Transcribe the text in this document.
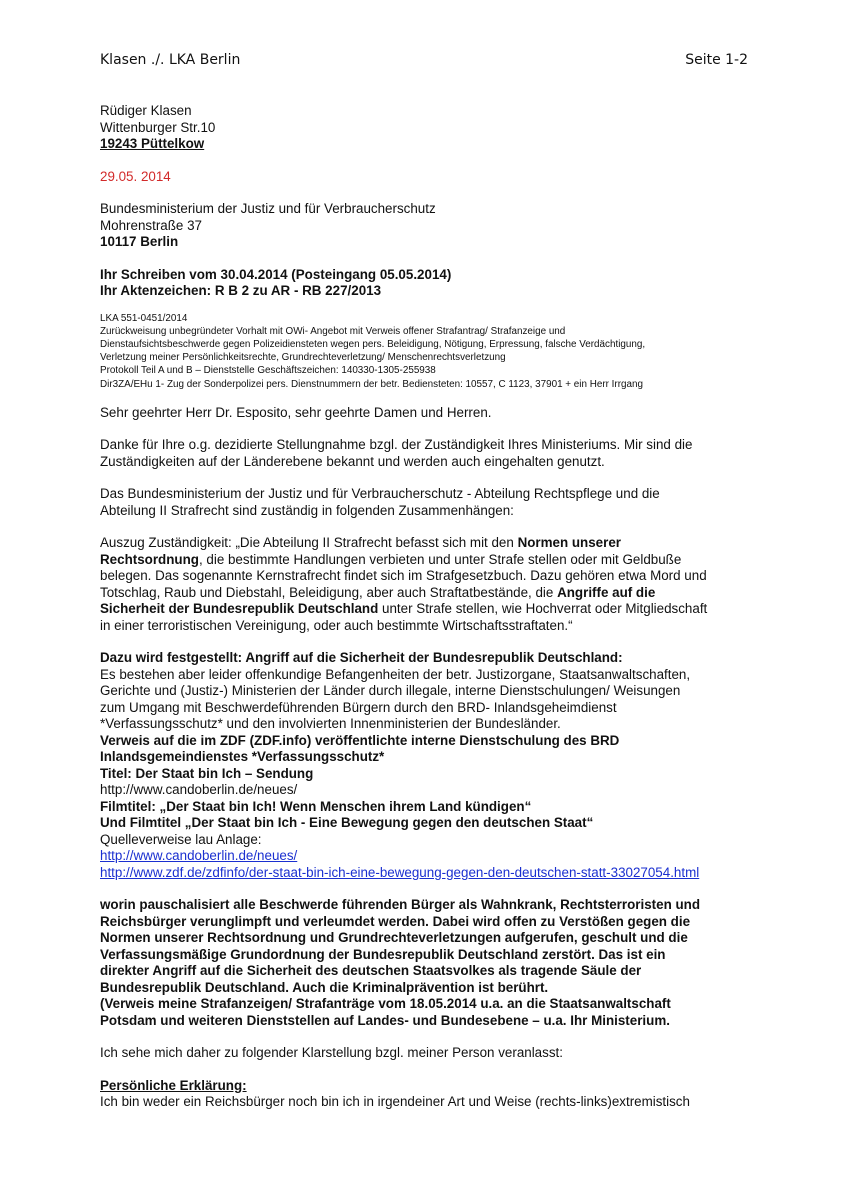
Klasen ./. LKA Berlin	Seite 1-2
Rüdiger Klasen
Wittenburger Str.10
19243 Püttelkow
29.05. 2014
Bundesministerium der Justiz und für Verbraucherschutz
Mohrenstraße 37
10117 Berlin
Ihr Schreiben vom 30.04.2014 (Posteingang 05.05.2014)
Ihr Aktenzeichen: R B 2 zu AR - RB 227/2013
LKA 551-0451/2014
Zurückweisung unbegründeter Vorhalt mit OWi- Angebot mit Verweis offener Strafantrag/ Strafanzeige und
Dienstaufsichtsbeschwerde gegen Polizeidiensteten wegen pers. Beleidigung, Nötigung, Erpressung, falsche Verdächtigung,
Verletzung meiner Persönlichkeitsrechte, Grundrechteverletzung/ Menschenrechtsverletzung
Protokoll Teil A und B – Dienststelle Geschäftszeichen: 140330-1305-255938
Dir3ZA/EHu 1- Zug der Sonderpolizei pers. Dienstnummern der betr. Bediensteten: 10557, C 1123, 37901 + ein Herr Irrgang
Sehr geehrter Herr Dr. Esposito, sehr geehrte Damen und Herren.
Danke für Ihre o.g. dezidierte Stellungnahme bzgl. der Zuständigkeit Ihres Ministeriums. Mir sind die
Zuständigkeiten auf der Länderebene bekannt und werden auch eingehalten genutzt.
Das Bundesministerium der Justiz und für Verbraucherschutz - Abteilung Rechtspflege und die
Abteilung II Strafrecht sind zuständig in folgenden Zusammenhängen:
Auszug Zuständigkeit: „Die Abteilung II Strafrecht befasst sich mit den Normen unserer
Rechtsordnung, die bestimmte Handlungen verbieten und unter Strafe stellen oder mit Geldbuße
belegen. Das sogenannte Kernstrafrecht findet sich im Strafgesetzbuch. Dazu gehören etwa Mord und
Totschlag, Raub und Diebstahl, Beleidigung, aber auch Straftatbestände, die Angriffe auf die
Sicherheit der Bundesrepublik Deutschland unter Strafe stellen, wie Hochverrat oder Mitgliedschaft
in einer terroristischen Vereinigung, oder auch bestimmte Wirtschaftsstraftaten.“
Dazu wird festgestellt: Angriff auf die Sicherheit der Bundesrepublik Deutschland:
Es bestehen aber leider offenkundige Befangenheiten der betr. Justizorgane, Staatsanwaltschaften,
Gerichte und (Justiz-) Ministerien der Länder durch illegale, interne Dienstschulungen/ Weisungen
zum Umgang mit Beschwerdeführenden Bürgern durch den BRD- Inlandsgeheimdienst
*Verfassungsschutz* und den involvierten Innenministerien der Bundesländer.
Verweis auf die im ZDF (ZDF.info) veröffentlichte interne Dienstschulung des BRD
Inlandsgemeindienstes *Verfassungsschutz*
Titel: Der Staat bin Ich – Sendung
http://www.candoberlin.de/neues/
Filmtitel: „Der Staat bin Ich! Wenn Menschen ihrem Land kündigen“
Und Filmtitel „Der Staat bin Ich - Eine Bewegung gegen den deutschen Staat“
Quelleverweise lau Anlage:
http://www.candoberlin.de/neues/
http://www.zdf.de/zdfinfo/der-staat-bin-ich-eine-bewegung-gegen-den-deutschen-statt-33027054.html
worin pauschalisiert alle Beschwerde führenden Bürger als Wahnkrank, Rechtsterroristen und
Reichsbürger verunglimpft und verleumdet werden. Dabei wird offen zu Verstößen gegen die
Normen unserer Rechtsordnung und Grundrechteverletzungen aufgerufen, geschult und die
Verfassungsmäßige Grundordnung der Bundesrepublik Deutschland zerstört. Das ist ein
direkter Angriff auf die Sicherheit des deutschen Staatsvolkes als tragende Säule der
Bundesrepublik Deutschland. Auch die Kriminalprävention ist berührt.
(Verweis meine Strafanzeigen/ Strafanträge vom 18.05.2014 u.a. an die Staatsanwaltschaft
Potsdam und weiteren Dienststellen auf Landes- und Bundesebene – u.a. Ihr Ministerium.
Ich sehe mich daher zu folgender Klarstellung bzgl. meiner Person veranlasst:
Persönliche Erklärung:
Ich bin weder ein Reichsbürger noch bin ich in irgendeiner Art und Weise (rechts-links)extremistisch
